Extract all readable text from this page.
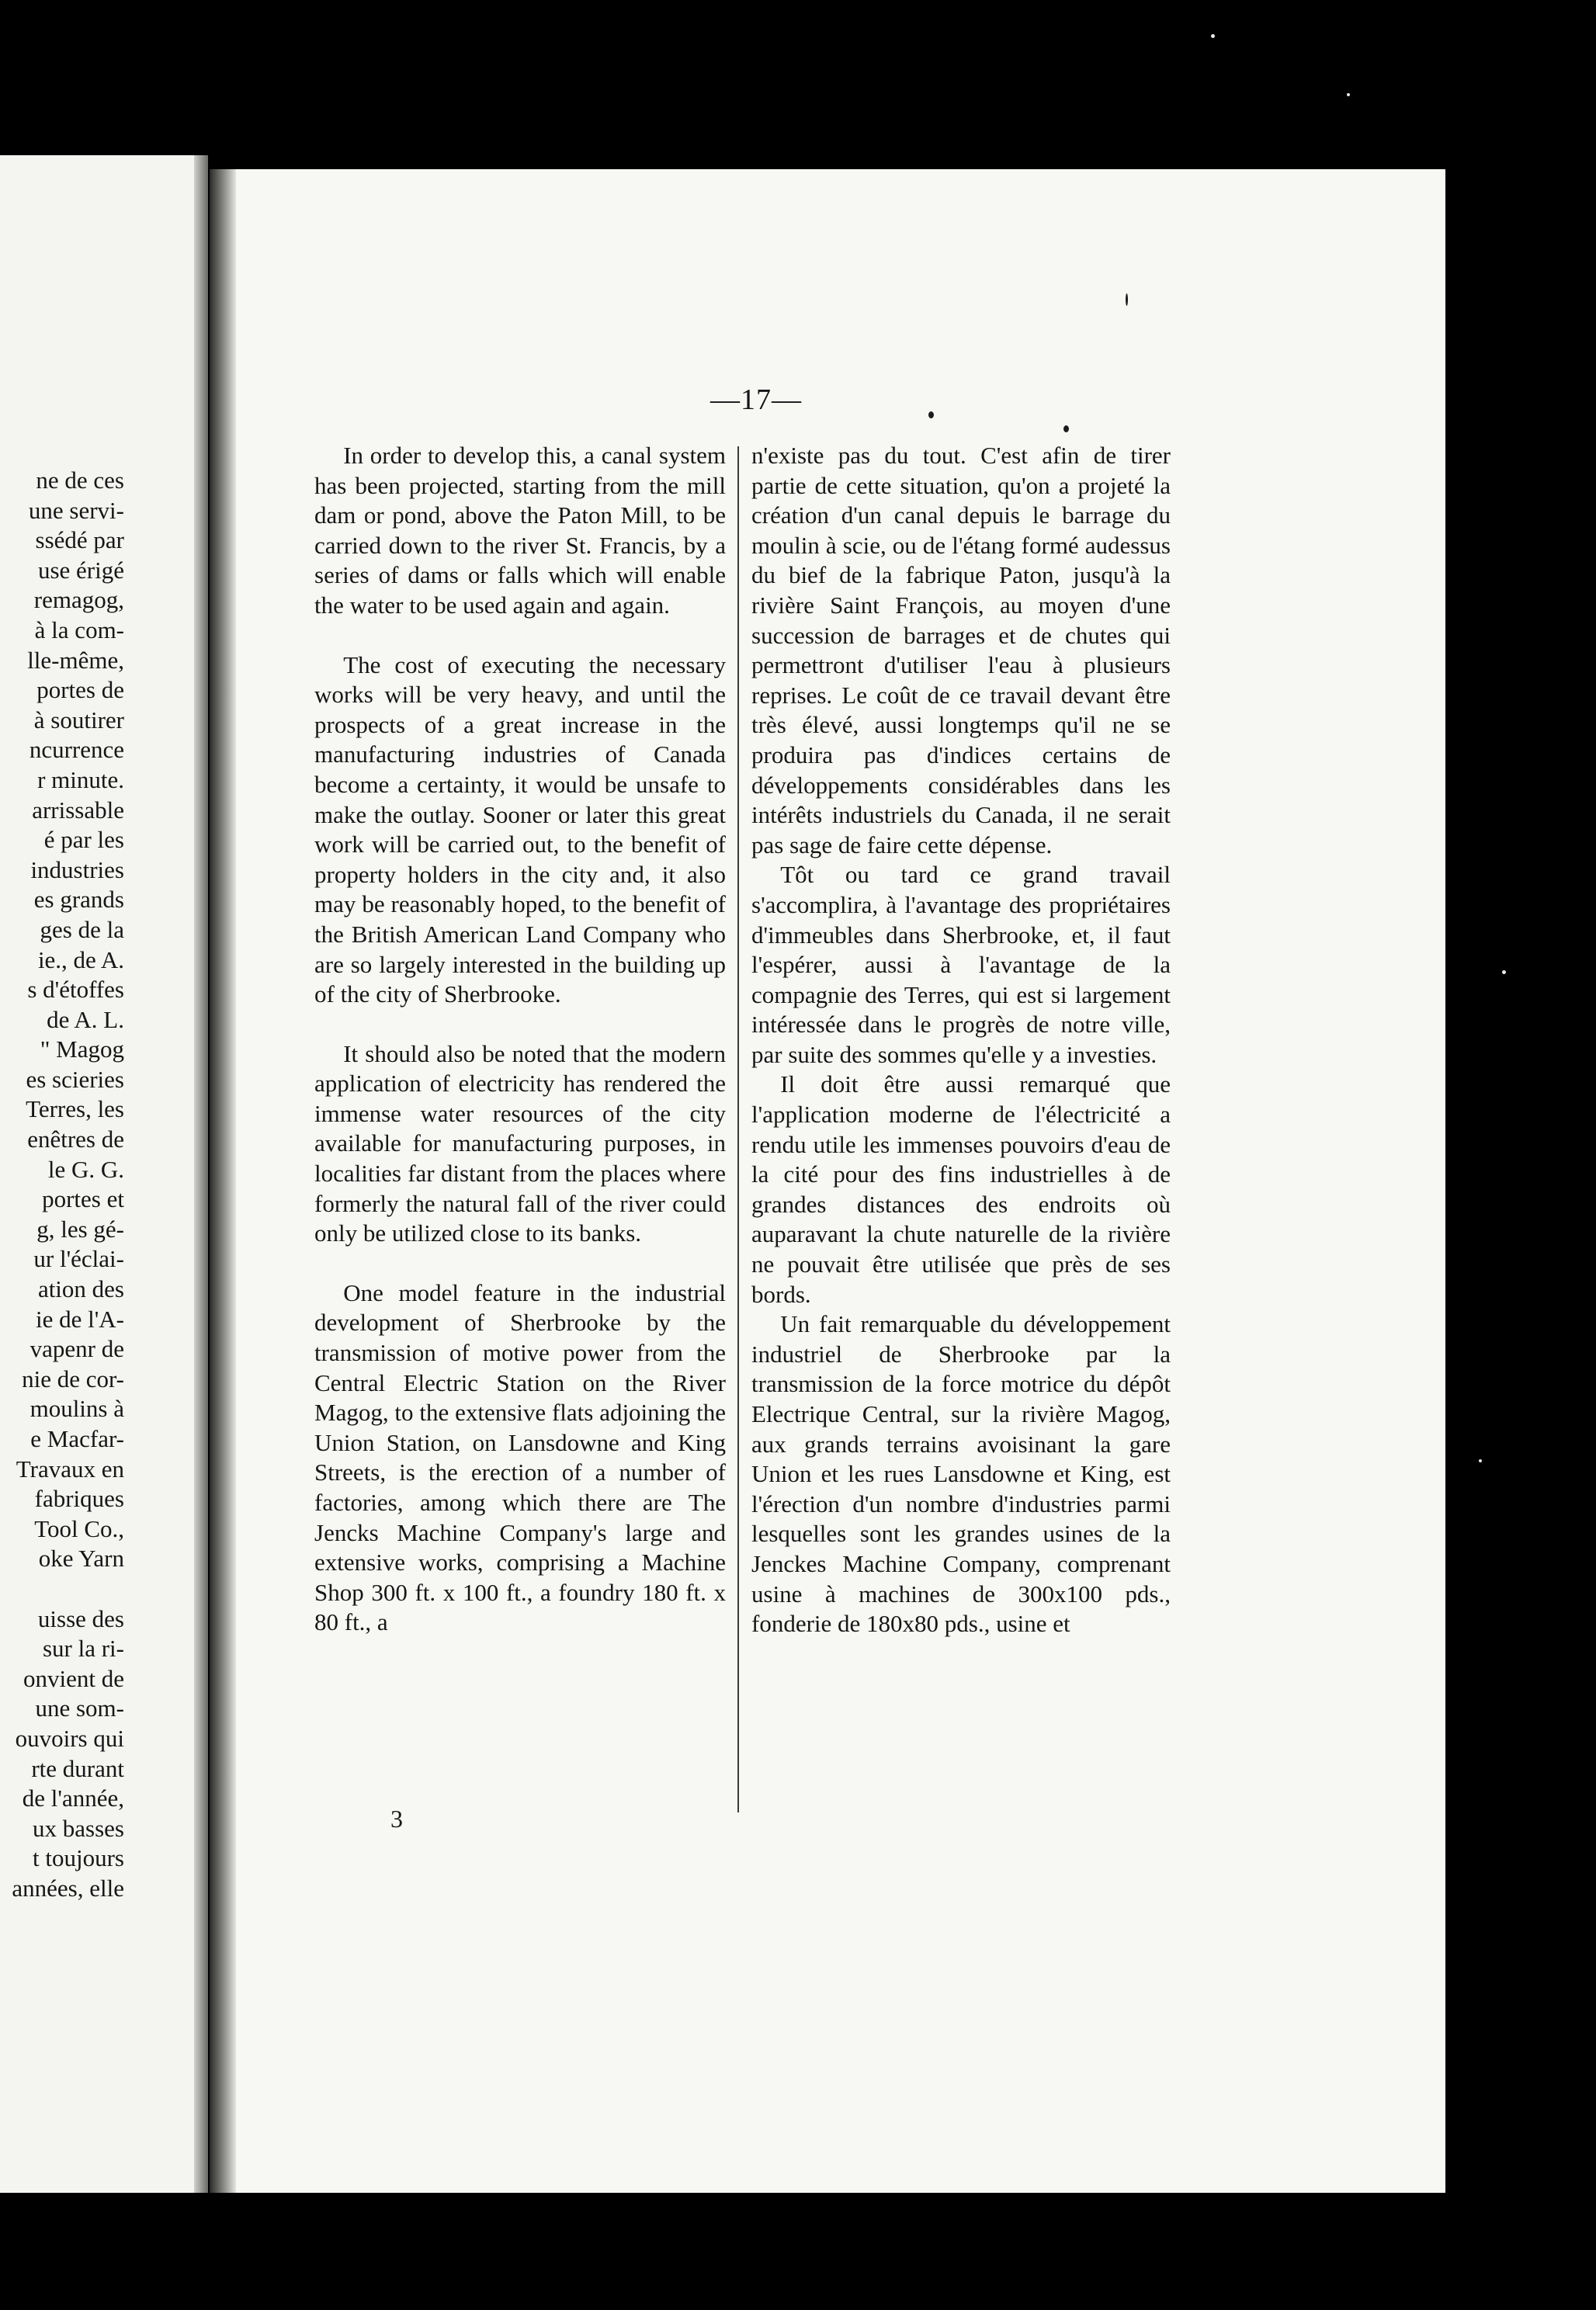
ne de ces
une servi-
ssédé par
use érigé
remagog,
à la com-
lle-même,
portes de
à soutirer
ncurrence
r minute.
arrissable
é par les
industries
es grands
ges de la
ie., de A.
s d'étoffes
de A. L.
" Magog
es scieries
Terres, les
enêtres de
le G. G.
portes et
g, les gé-
ur l'éclai-
ation des
ie de l'A-
vapenr de
nie de cor-
moulins à
e Macfar-
Travaux en
fabriques
Tool Co.,
oke Yarn
uisse des
sur la ri-
onvient de
une som-
ouvoirs qui
rte durant
de l'année,
ux basses
t toujours
années, elle
—17—

In order to develop this, a canal system has been projected, starting from the mill dam or pond, above the Paton Mill, to be carried down to the river St. Francis, by a series of dams or falls which will enable the water to be used again and again.

The cost of executing the necessary works will be very heavy, and until the prospects of a great increase in the manufacturing industries of Canada become a certainty, it would be unsafe to make the outlay. Sooner or later this great work will be carried out, to the benefit of property holders in the city and, it also may be reasonably hoped, to the benefit of the British American Land Company who are so largely interested in the building up of the city of Sherbrooke.

It should also be noted that the modern application of electricity has rendered the immense water resources of the city available for manufacturing purposes, in localities far distant from the places where formerly the natural fall of the river could only be utilized close to its banks.

One model feature in the industrial development of Sherbrooke by the transmission of motive power from the Central Electric Station on the River Magog, to the extensive flats adjoining the Union Station, on Lansdowne and King Streets, is the erection of a number of factories, among which there are The Jencks Machine Company's large and extensive works, comprising a Machine Shop 300 ft. x 100 ft., a foundry 180 ft. x 80 ft., a

n'existe pas du tout. C'est afin de tirer partie de cette situation, qu'on a projeté la création d'un canal depuis le barrage du moulin à scie, ou de l'étang formé audessus du bief de la fabrique Paton, jusqu'à la rivière Saint François, au moyen d'une succession de barrages et de chutes qui permettront d'utiliser l'eau à plusieurs reprises. Le coût de ce travail devant être très élevé, aussi longtemps qu'il ne se produira pas d'indices certains de développements considérables dans les intérêts industriels du Canada, il ne serait pas sage de faire cette dépense.

Tôt ou tard ce grand travail s'accomplira, à l'avantage des propriétaires d'immeubles dans Sherbrooke, et, il faut l'espérer, aussi à l'avantage de la compagnie des Terres, qui est si largement intéressée dans le progrès de notre ville, par suite des sommes qu'elle y a investies.

Il doit être aussi remarqué que l'application moderne de l'électricité a rendu utile les immenses pouvoirs d'eau de la cité pour des fins industrielles à de grandes distances des endroits où auparavant la chute naturelle de la rivière ne pouvait être utilisée que près de ses bords.

Un fait remarquable du développement industriel de Sherbrooke par la transmission de la force motrice du dépôt Electrique Central, sur la rivière Magog, aux grands terrains avoisinant la gare Union et les rues Lansdowne et King, est l'érection d'un nombre d'industries parmi lesquelles sont les grandes usines de la Jenckes Machine Company, comprenant usine à machines de 300x100 pds., fonderie de 180x80 pds., usine et

3
